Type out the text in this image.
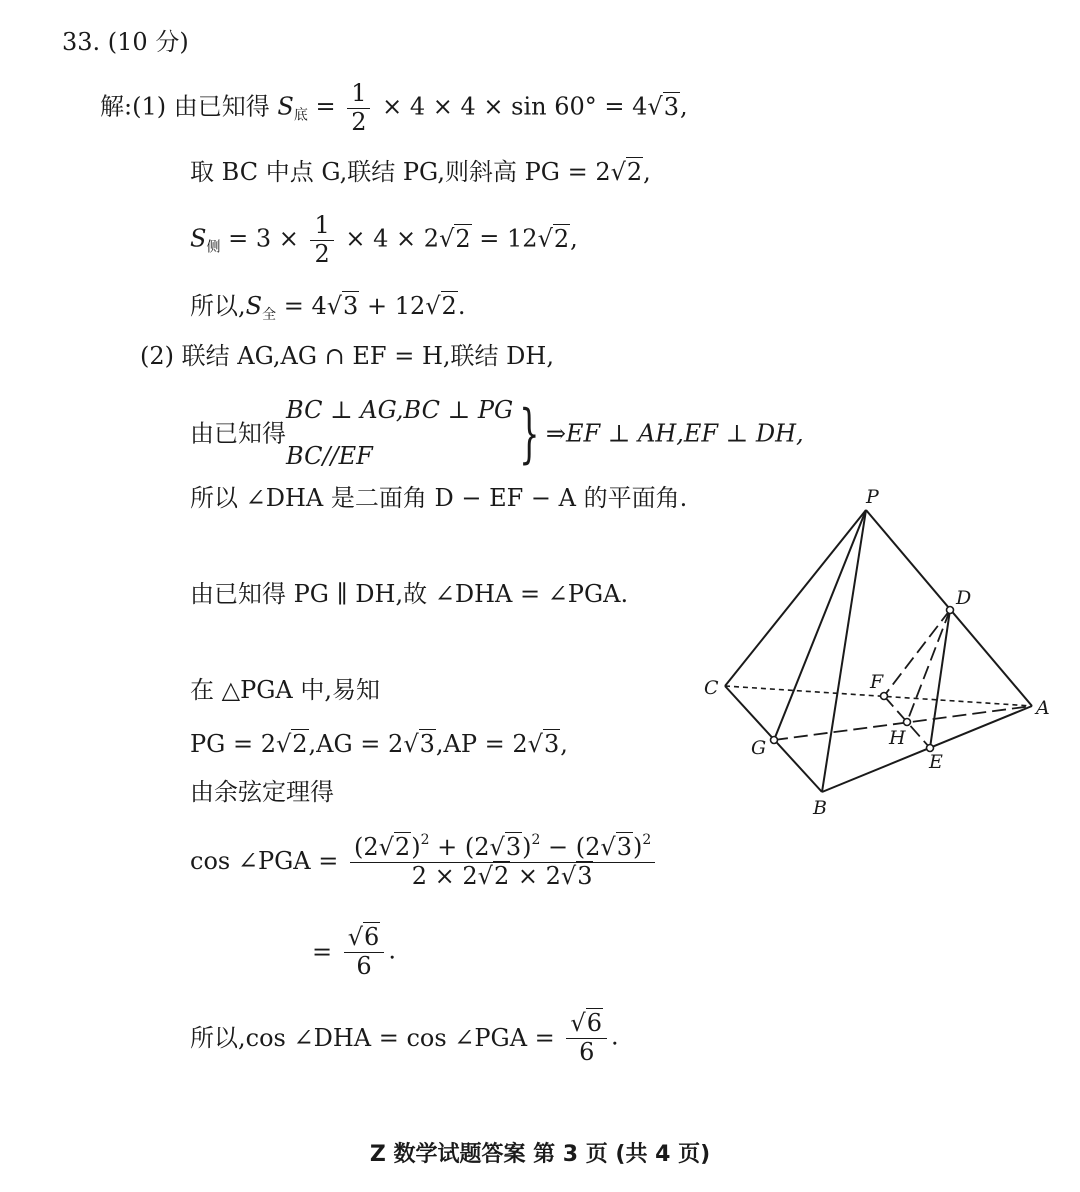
33. (10 分)
解:(1) 由已知得 $S_底 = \frac{1}{2} \times 4 \times 4 \times \sin 60^\circ = 4√3$,
取 BC 中点 G,联结 PG,则斜高 PG = 2√2,
$S_侧 = 3 \times \frac{1}{2} \times 4 \times 2√2 = 12√2$,
所以$,S_全 = 4√3 + 12√2$.
(2) 联结 AG,AG ∩ EF = H,联结 DH,
由已知得
BC ⊥ AG,BC ⊥ PG
BC//EF	} ⇒EF ⊥ AH,EF ⊥ DH,
所以 ∠DHA 是二面角 D − EF − A 的平面角.
由已知得 PG ∥ DH,故 ∠DHA = ∠PGA.
在 △PGA 中,易知
PG = 2√2,AG = 2√3,AP = 2√3,
由余弦定理得
cos ∠PGA = $\frac{(2√2)^2 + (2√3)^2 - (2√3)^2}{2 \times 2√2 \times 2√3}$
= $\frac{√6}{6}$ .
所以,cos ∠DHA = cos ∠PGA = $\frac{√6}{6}$ .
P
D
C	F
A
H
G
E
B
Z 数学试题答案 第 3 页 (共 4 页)
